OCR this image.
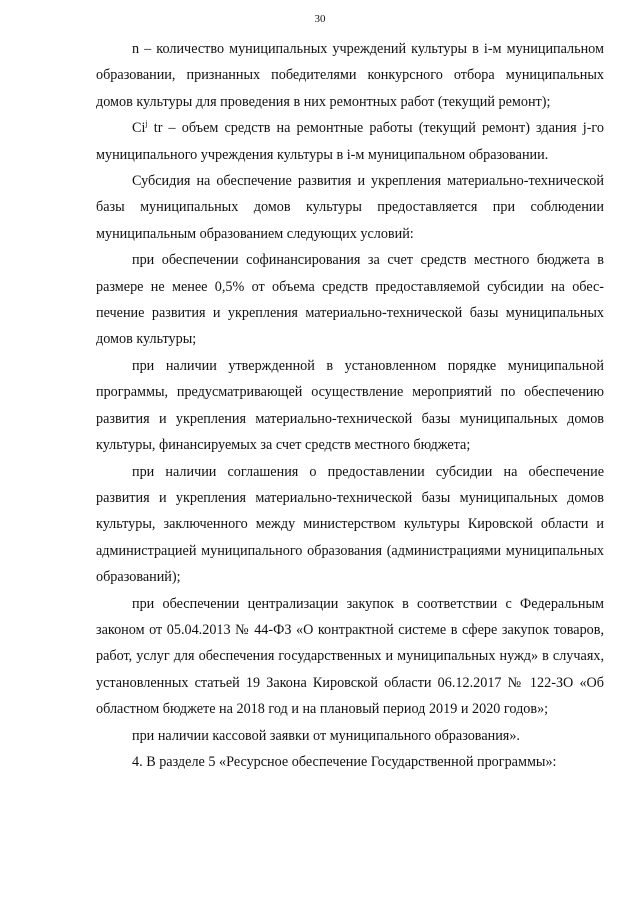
30

n – количество муниципальных учреждений культуры в i-м муниципальном образовании, признанных победителями конкурсного отбора муниципальных домов культуры для проведения в них ремонтных работ (текущий ремонт);

Ci$^j$ tr – объем средств на ремонтные работы (текущий ремонт) здания j-го муниципального учреждения культуры в i-м муниципальном образовании.

Субсидия на обеспечение развития и укрепления материально-технической базы муниципальных домов культуры предоставляется при соблюдении муниципальным образованием следующих условий:

при обеспечении софинансирования за счет средств местного бюджета в размере не менее 0,5% от объема средств предоставляемой субсидии на обеспечение развития и укрепления материально-технической базы муниципальных домов культуры;

при наличии утвержденной в установленном порядке муниципальной программы, предусматривающей осуществление мероприятий по обеспечению развития и укрепления материально-технической базы муниципальных домов культуры, финансируемых за счет средств местного бюджета;

при наличии соглашения о предоставлении субсидии на обеспечение развития и укрепления материально-технической базы муниципальных домов культуры, заключенного между министерством культуры Кировской области и администрацией муниципального образования (администрациями муниципальных образований);

при обеспечении централизации закупок в соответствии с Федеральным законом от 05.04.2013 № 44-ФЗ «О контрактной системе в сфере закупок товаров, работ, услуг для обеспечения государственных и муниципальных нужд» в случаях, установленных статьей 19 Закона Кировской области 06.12.2017 № 122-ЗО «Об областном бюджете на 2018 год и на плановый период 2019 и 2020 годов»;

при наличии кассовой заявки от муниципального образования».

4. В разделе 5 «Ресурсное обеспечение Государственной программы»:
